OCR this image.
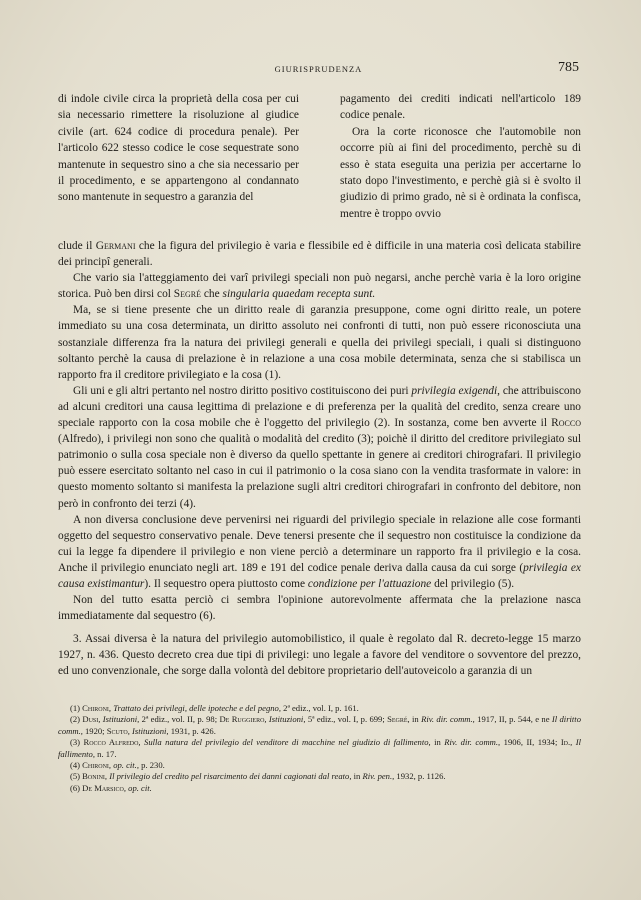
GIURISPRUDENZA	785

di indole civile circa la proprietà della cosa per cui sia necessario rimettere la risoluzione al giudice civile (art. 624 codice di procedura penale). Per l'articolo 622 stesso codice le cose sequestrate sono mantenute in sequestro sino a che sia necessario per il procedimento, e se appartengono al condannato sono mantenute in sequestro a garanzia del

pagamento dei crediti indicati nell'articolo 189 codice penale.

Ora la corte riconosce che l'automobile non occorre più ai fini del procedimento, perchè su di esso è stata eseguita una perizia per accertarne lo stato dopo l'investimento, e perchè già si è svolto il giudizio di primo grado, nè si è ordinata la confisca, mentre è troppo ovvio

clude il Germani che la figura del privilegio è varia e flessibile ed è difficile in una materia così delicata stabilire dei principî generali.

Che vario sia l'atteggiamento dei varî privilegi speciali non può negarsi, anche perchè varia è la loro origine storica. Può ben dirsi col Segré che singularia quaedam recepta sunt.

Ma, se si tiene presente che un diritto reale di garanzia presuppone, come ogni diritto reale, un potere immediato su una cosa determinata, un diritto assoluto nei confronti di tutti, non può essere riconosciuta una sostanziale differenza fra la natura dei privilegi generali e quella dei privilegi speciali, i quali si distinguono soltanto perchè la causa di prelazione è in relazione a una cosa mobile determinata, senza che si stabilisca un rapporto fra il creditore privilegiato e la cosa (1).

Gli uni e gli altri pertanto nel nostro diritto positivo costituiscono dei puri privilegia exigendi, che attribuiscono ad alcuni creditori una causa legittima di prelazione e di preferenza per la qualità del credito, senza creare uno speciale rapporto con la cosa mobile che è l'oggetto del privilegio (2). In sostanza, come ben avverte il Rocco (Alfredo), i privilegi non sono che qualità o modalità del credito (3); poichè il diritto del creditore privilegiato sul patrimonio o sulla cosa speciale non è diverso da quello spettante in genere ai creditori chirografari. Il privilegio può essere esercitato soltanto nel caso in cui il patrimonio o la cosa siano con la vendita trasformate in valore: in questo momento soltanto si manifesta la prelazione sugli altri creditori chirografari in confronto del debitore, non però in confronto dei terzi (4).

A non diversa conclusione deve pervenirsi nei riguardi del privilegio speciale in relazione alle cose formanti oggetto del sequestro conservativo penale. Deve tenersi presente che il sequestro non costituisce la condizione da cui la legge fa dipendere il privilegio e non viene perciò a determinare un rapporto fra il privilegio e la cosa. Anche il privilegio enunciato negli art. 189 e 191 del codice penale deriva dalla causa da cui sorge (privilegia ex causa existimantur). Il sequestro opera piuttosto come condizione per l'attuazione del privilegio (5).

Non del tutto esatta perciò ci sembra l'opinione autorevolmente affermata che la prelazione nasca immediatamente dal sequestro (6).

3. Assai diversa è la natura del privilegio automobilistico, il quale è regolato dal R. decreto-legge 15 marzo 1927, n. 436. Questo decreto crea due tipi di privilegi: uno legale a favore del venditore o sovventore del prezzo, ed uno convenzionale, che sorge dalla volontà del debitore proprietario dell'autoveicolo a garanzia di un

(1) Chironi, Trattato dei privilegi, delle ipoteche e del pegno, 2ª ediz., vol. I, p. 161.

(2) Dusi, Istituzioni, 2ª ediz., vol. II, p. 98; De Ruggiero, Istituzioni, 5ª ediz., vol. I, p. 699; Segré, in Riv. dir. comm., 1917, II, p. 544, e ne Il diritto comm., 1920; Scuto, Istituzioni, 1931, p. 426.

(3) Rocco Alfredo, Sulla natura del privilegio del venditore di macchine nel giudizio di fallimento, in Riv. dir. comm., 1906, II, 1934; Id., Il fallimento, n. 17.

(4) Chironi, op. cit., p. 230.

(5) Bonini, Il privilegio del credito pel risarcimento dei danni cagionati dal reato, in Riv. pen., 1932, p. 1126.

(6) De Marsico, op. cit.
